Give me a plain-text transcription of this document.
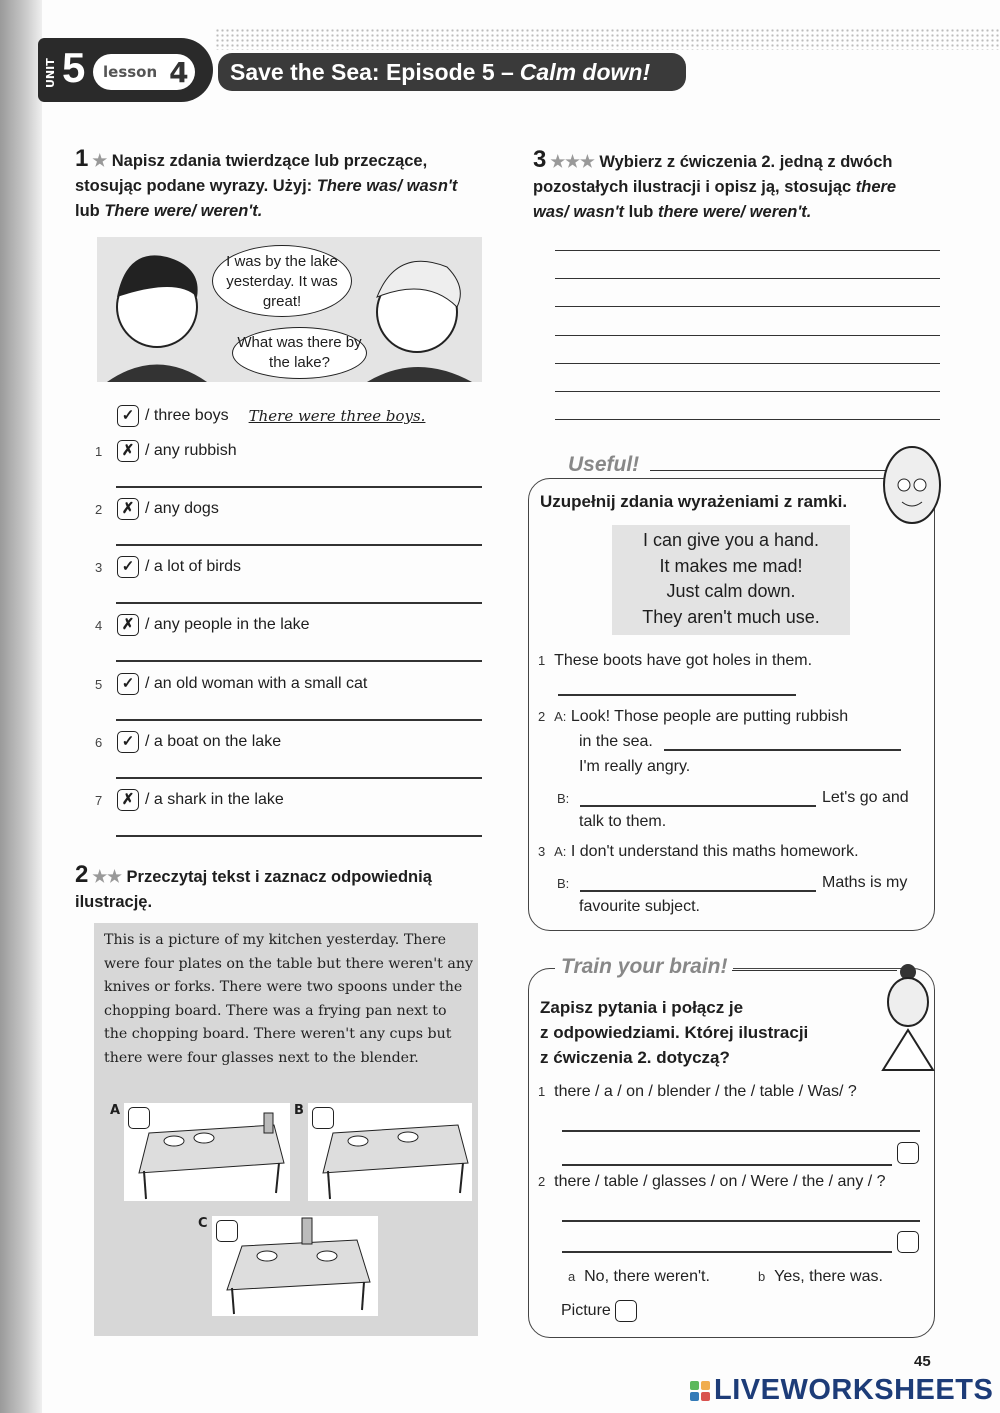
UNIT 5 lesson 4 Save the Sea: Episode 5 – Calm down!
1 ★ Napisz zdania twierdzące lub przeczące, stosując podane wyrazy. Użyj: There was/ wasn't lub There were/ weren't.
I was by the lake yesterday. It was great!
What was there by the lake?
✓ / three boys There were three boys.
1	✗ / any rubbish
2	✗ / any dogs
3	✓ / a lot of birds
4	✗ / any people in the lake
5	✓ / an old woman with a small cat
6	✓ / a boat on the lake
7	✗ / a shark in the lake
2 ★★ Przeczytaj tekst i zaznacz odpowiednią ilustrację.

This is a picture of my kitchen yesterday. There were four plates on the table but there weren't any knives or forks. There were two spoons under the chopping board. There was a frying pan next to the chopping board. There weren't any cups but there were four glasses next to the blender.

A	B
C
3 ★★★ Wybierz z ćwiczenia 2. jedną z dwóch pozostałych ilustracji i opisz ją, stosując there was/ wasn't lub there were/ weren't.
Useful!
Uzupełnij zdania wyrażeniami z ramki.
I can give you a hand.
It makes me mad!
Just calm down.
They aren't much use.
1 These boots have got holes in them.
2 A: Look! Those people are putting rubbish
in the sea.
I'm really angry.
B:	Let's go and
talk to them.
3 A: I don't understand this maths homework.
B:	Maths is my
favourite subject.
Train your brain!
Zapisz pytania i połącz je
z odpowiedziami. Której ilustracji
z ćwiczenia 2. dotyczą?
1 there / a / on / blender / the / table / Was/ ?
2 there / table / glasses / on / Were / the / any / ?
a No, there weren't.	b Yes, there was.
Picture
45
LIVEWORKSHEETS
